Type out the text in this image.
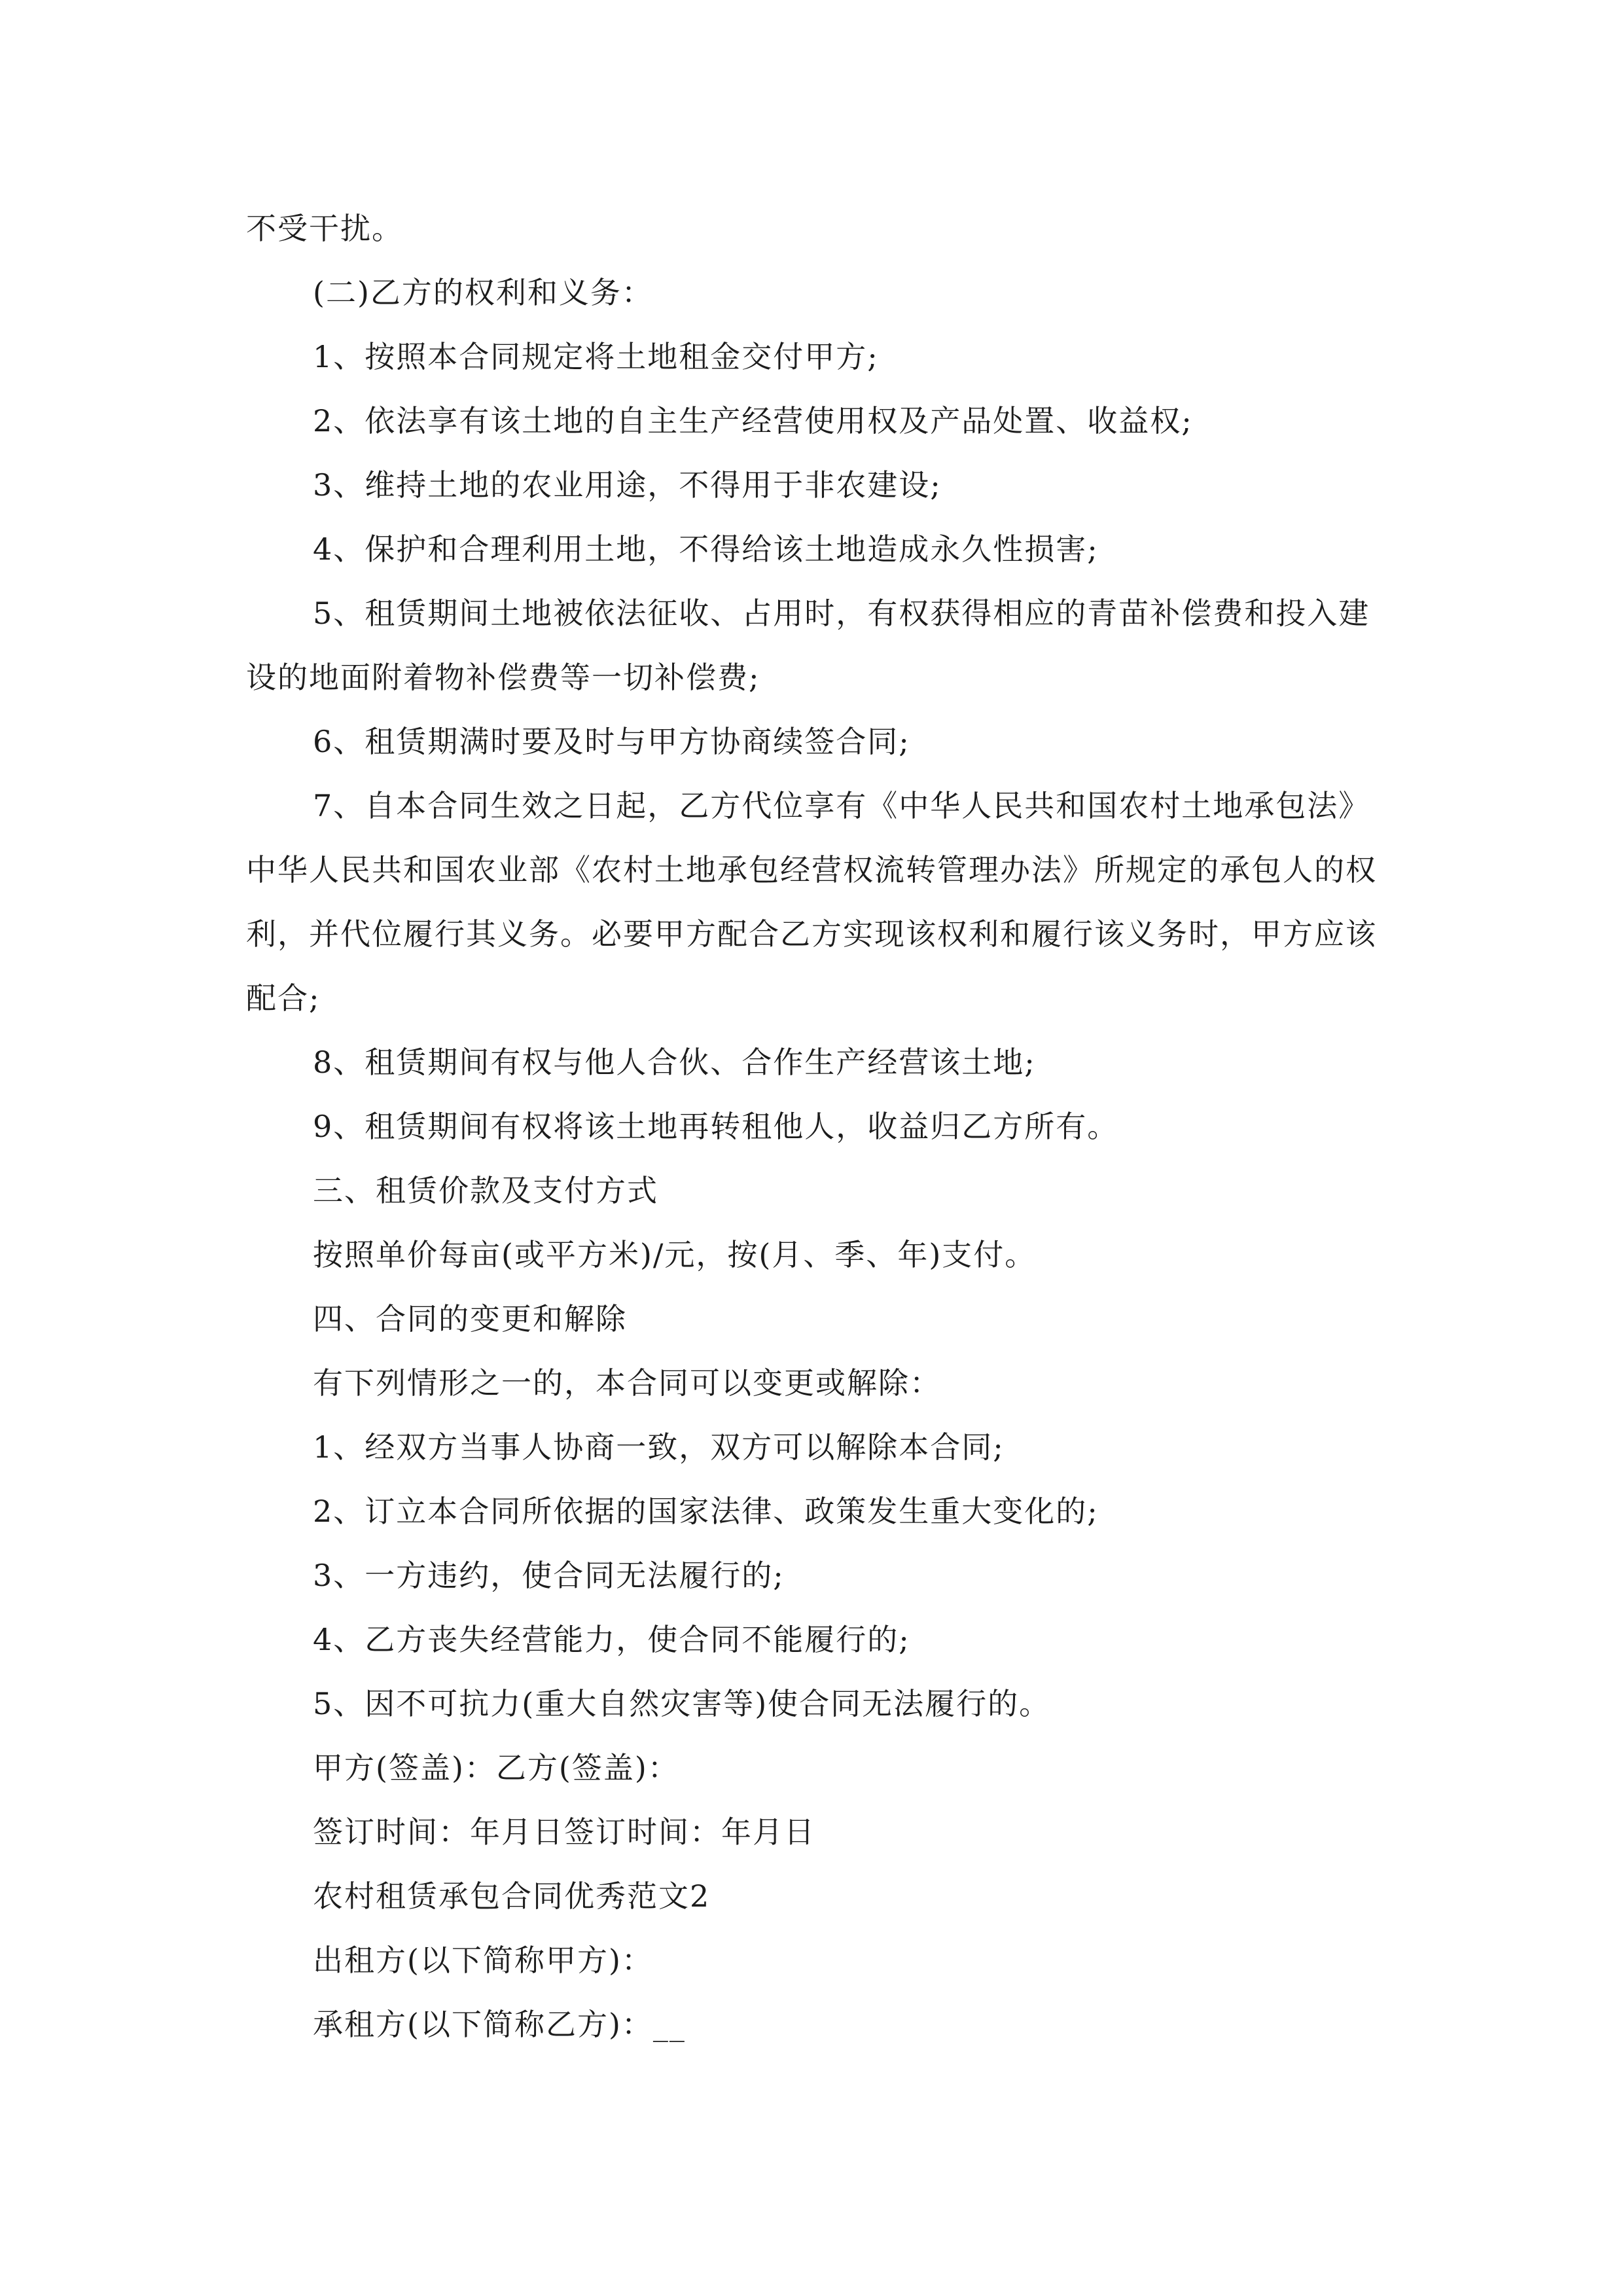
不受干扰。

(二)乙方的权利和义务：

1、按照本合同规定将土地租金交付甲方;

2、依法享有该土地的自主生产经营使用权及产品处置、收益权;

3、维持土地的农业用途，不得用于非农建设;

4、保护和合理利用土地，不得给该土地造成永久性损害;

5、租赁期间土地被依法征收、占用时，有权获得相应的青苗补偿费和投入建设的地面附着物补偿费等一切补偿费;

6、租赁期满时要及时与甲方协商续签合同;

7、自本合同生效之日起，乙方代位享有《中华人民共和国农村土地承包法》中华人民共和国农业部《农村土地承包经营权流转管理办法》所规定的承包人的权利，并代位履行其义务。必要甲方配合乙方实现该权利和履行该义务时，甲方应该配合;

8、租赁期间有权与他人合伙、合作生产经营该土地;

9、租赁期间有权将该土地再转租他人，收益归乙方所有。

三、租赁价款及支付方式

按照单价每亩(或平方米)/元，按(月、季、年)支付。

四、合同的变更和解除

有下列情形之一的，本合同可以变更或解除：

1、经双方当事人协商一致，双方可以解除本合同;

2、订立本合同所依据的国家法律、政策发生重大变化的;

3、一方违约，使合同无法履行的;

4、乙方丧失经营能力，使合同不能履行的;

5、因不可抗力(重大自然灾害等)使合同无法履行的。

甲方(签盖)：乙方(签盖)：

签订时间：年月日签订时间：年月日

农村租赁承包合同优秀范文2

出租方(以下简称甲方)：

承租方(以下简称乙方)：__
